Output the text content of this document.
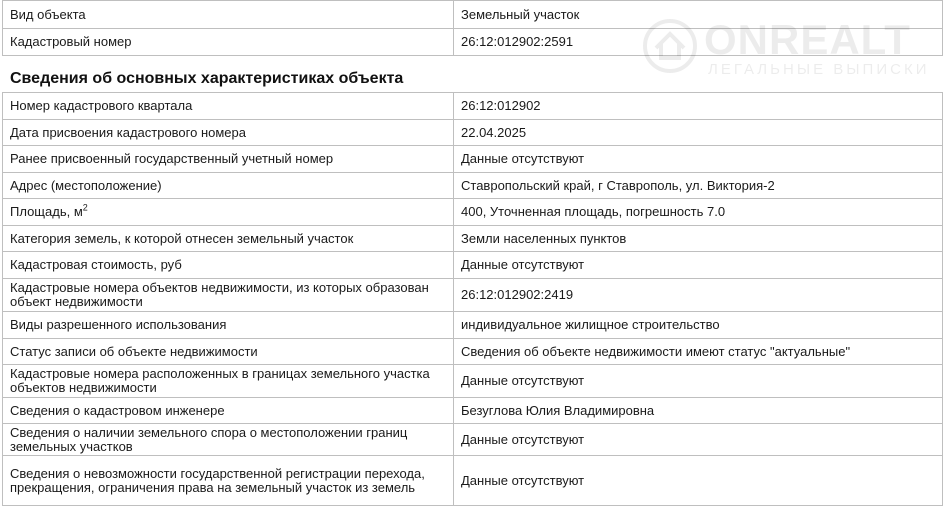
Вид объекта	Земельный участок
Кадастровый номер	26:12:012902:2591
Сведения об основных характеристиках объекта
Номер кадастрового квартала	26:12:012902
Дата присвоения кадастрового номера	22.04.2025
Ранее присвоенный государственный учетный номер	Данные отсутствуют
Адрес (местоположение)	Ставропольский край, г Ставрополь, ул. Виктория-2
Площадь, $м^2$	400, Уточненная площадь, погрешность 7.0
Категория земель, к которой отнесен земельный участок	Земли населенных пунктов
Кадастровая стоимость, руб	Данные отсутствуют
Кадастровые номера объектов недвижимости, из которых образован объект недвижимости	26:12:012902:2419
Виды разрешенного использования	индивидуальное жилищное строительство
Статус записи об объекте недвижимости	Сведения об объекте недвижимости имеют статус "актуальные"
Кадастровые номера расположенных в границах земельного участка объектов недвижимости	Данные отсутствуют
Сведения о кадастровом инженере	Безуглова Юлия Владимировна
Сведения о наличии земельного спора о местоположении границ земельных участков	Данные отсутствуют
Сведения о невозможности государственной регистрации перехода, прекращения, ограничения права на земельный участок из земель	Данные отсутствуют
ONREALT
ЛЕГАЛЬНЫЕ ВЫПИСКИ
